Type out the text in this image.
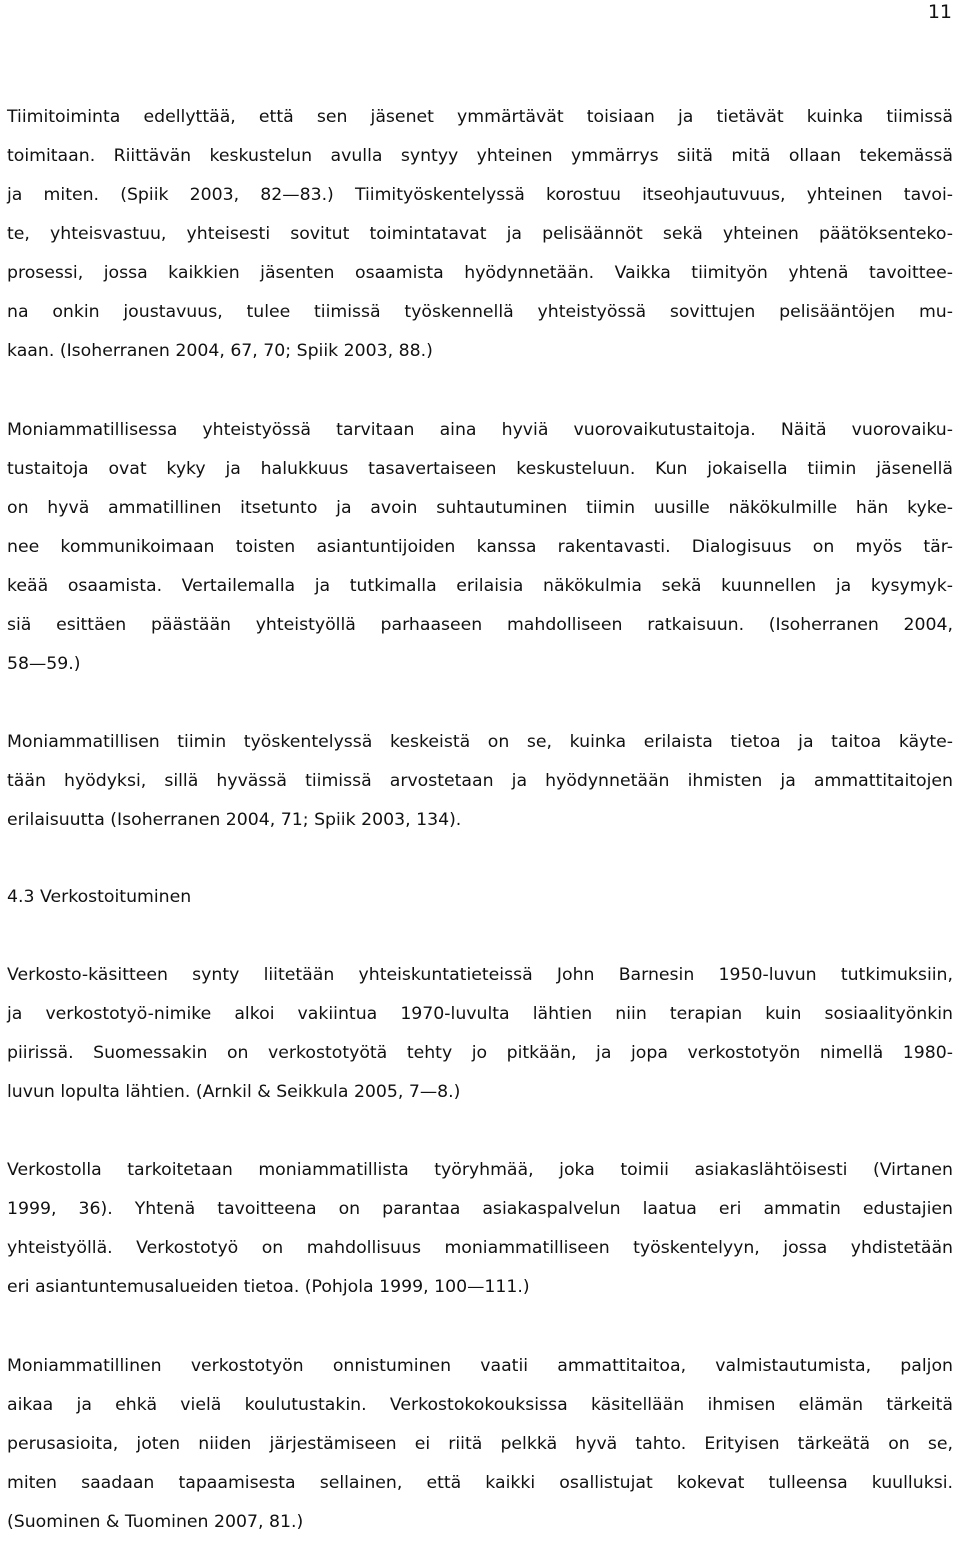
11
Tiimitoiminta edellyttää, että sen jäsenet ymmärtävät toisiaan ja tietävät kuinka tiimissä
toimitaan. Riittävän keskustelun avulla syntyy yhteinen ymmärrys siitä mitä ollaan tekemässä
ja miten. (Spiik 2003, 82—83.) Tiimityöskentelyssä korostuu itseohjautuvuus, yhteinen tavoi-
te, yhteisvastuu, yhteisesti sovitut toimintatavat ja pelisäännöt sekä yhteinen päätöksenteko-
prosessi, jossa kaikkien jäsenten osaamista hyödynnetään. Vaikka tiimityön yhtenä tavoittee-
na onkin joustavuus, tulee tiimissä työskennellä yhteistyössä sovittujen pelisääntöjen mu-
kaan. (Isoherranen 2004, 67, 70; Spiik 2003, 88.)
Moniammatillisessa yhteistyössä tarvitaan aina hyviä vuorovaikutustaitoja. Näitä vuorovaiku-
tustaitoja ovat kyky ja halukkuus tasavertaiseen keskusteluun. Kun jokaisella tiimin jäsenellä
on hyvä ammatillinen itsetunto ja avoin suhtautuminen tiimin uusille näkökulmille hän kyke-
nee kommunikoimaan toisten asiantuntijoiden kanssa rakentavasti. Dialogisuus on myös tär-
keää osaamista. Vertailemalla ja tutkimalla erilaisia näkökulmia sekä kuunnellen ja kysymyk-
siä esittäen päästään yhteistyöllä parhaaseen mahdolliseen ratkaisuun. (Isoherranen 2004,
58—59.)
Moniammatillisen tiimin työskentelyssä keskeistä on se, kuinka erilaista tietoa ja taitoa käyte-
tään hyödyksi, sillä hyvässä tiimissä arvostetaan ja hyödynnetään ihmisten ja ammattitaitojen
erilaisuutta (Isoherranen 2004, 71; Spiik 2003, 134).
4.3 Verkostoituminen
Verkosto-käsitteen synty liitetään yhteiskuntatieteissä John Barnesin 1950-luvun tutkimuksiin,
ja verkostotyö-nimike alkoi vakiintua 1970-luvulta lähtien niin terapian kuin sosiaalityönkin
piirissä. Suomessakin on verkostotyötä tehty jo pitkään, ja jopa verkostotyön nimellä 1980-
luvun lopulta lähtien. (Arnkil & Seikkula 2005, 7—8.)
Verkostolla tarkoitetaan moniammatillista työryhmää, joka toimii asiakaslähtöisesti (Virtanen
1999, 36). Yhtenä tavoitteena on parantaa asiakaspalvelun laatua eri ammatin edustajien
yhteistyöllä. Verkostotyö on mahdollisuus moniammatilliseen työskentelyyn, jossa yhdistetään
eri asiantuntemusalueiden tietoa. (Pohjola 1999, 100—111.)
Moniammatillinen verkostotyön onnistuminen vaatii ammattitaitoa, valmistautumista, paljon
aikaa ja ehkä vielä koulutustakin. Verkostokokouksissa käsitellään ihmisen elämän tärkeitä
perusasioita, joten niiden järjestämiseen ei riitä pelkkä hyvä tahto. Erityisen tärkeätä on se,
miten saadaan tapaamisesta sellainen, että kaikki osallistujat kokevat tulleensa kuulluksi.
(Suominen & Tuominen 2007, 81.)
